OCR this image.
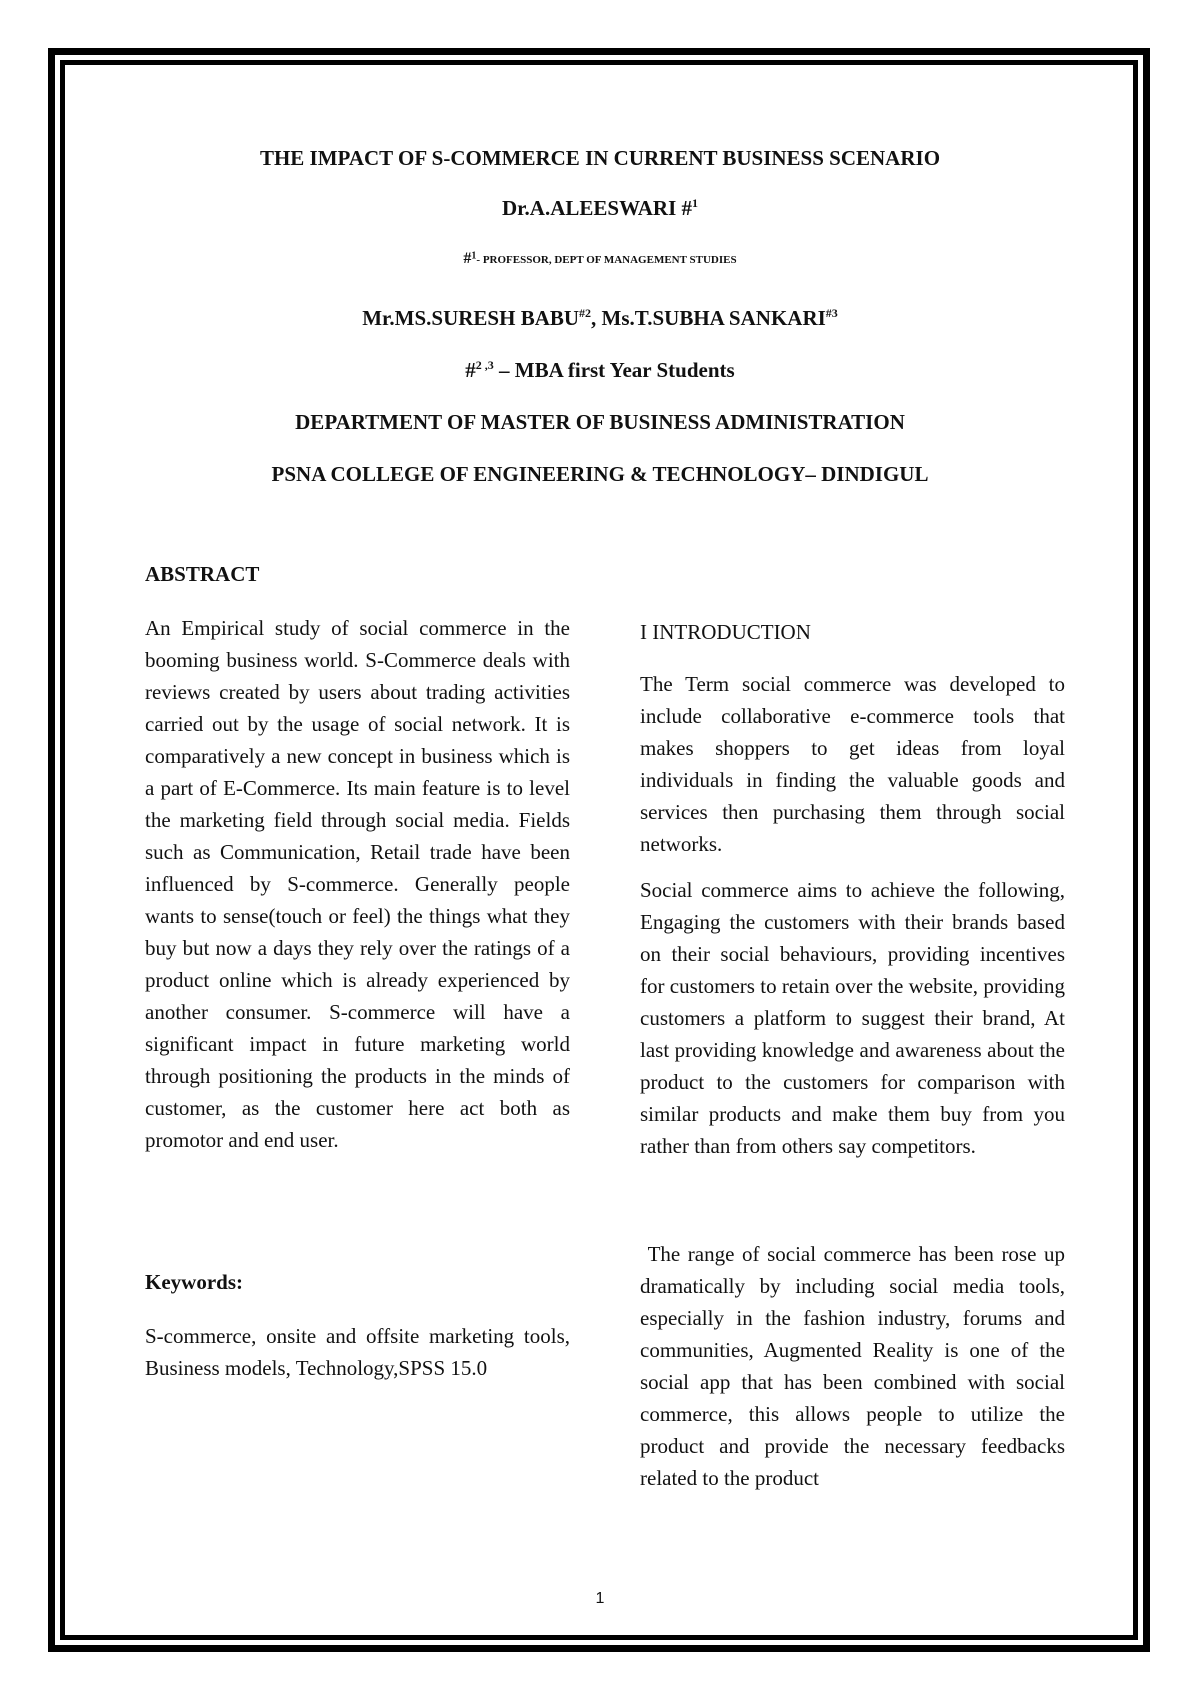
THE IMPACT OF S-COMMERCE IN CURRENT BUSINESS SCENARIO
Dr.A.ALEESWARI #$^1$
#$^1$- PROFESSOR, DEPT OF MANAGEMENT STUDIES
Mr.MS.SURESH BABU$^{\#2}$, Ms.T.SUBHA SANKARI$^{\#3}$
#$^{2 ,3}$ – MBA first Year Students
DEPARTMENT OF MASTER OF BUSINESS ADMINISTRATION
PSNA COLLEGE OF ENGINEERING & TECHNOLOGY– DINDIGUL
ABSTRACT

An Empirical study of social commerce in the booming business world. S-Commerce deals with reviews created by users about trading activities carried out by the usage of social network. It is comparatively a new concept in business which is a part of E-Commerce. Its main feature is to level the marketing field through social media. Fields such as Communication, Retail trade have been influenced by S-commerce. Generally people wants to sense(touch or feel) the things what they buy but now a days they rely over the ratings of a product online which is already experienced by another consumer. S-commerce will have a significant impact in future marketing world through positioning the products in the minds of customer, as the customer here act both as promotor and end user.

Keywords:

S-commerce, onsite and offsite marketing tools, Business models, Technology,SPSS 15.0

I INTRODUCTION

The Term social commerce was developed to include collaborative e-commerce tools that makes shoppers to get ideas from loyal individuals in finding the valuable goods and services then purchasing them through social networks.

Social commerce aims to achieve the following, Engaging the customers with their brands based on their social behaviours, providing incentives for customers to retain over the website, providing customers a platform to suggest their brand, At last providing knowledge and awareness about the product to the customers for comparison with similar products and make them buy from you rather than from others say competitors.

The range of social commerce has been rose up dramatically by including social media tools, especially in the fashion industry, forums and communities, Augmented Reality is one of the social app that has been combined with social commerce, this allows people to utilize the product and provide the necessary feedbacks related to the product

1
